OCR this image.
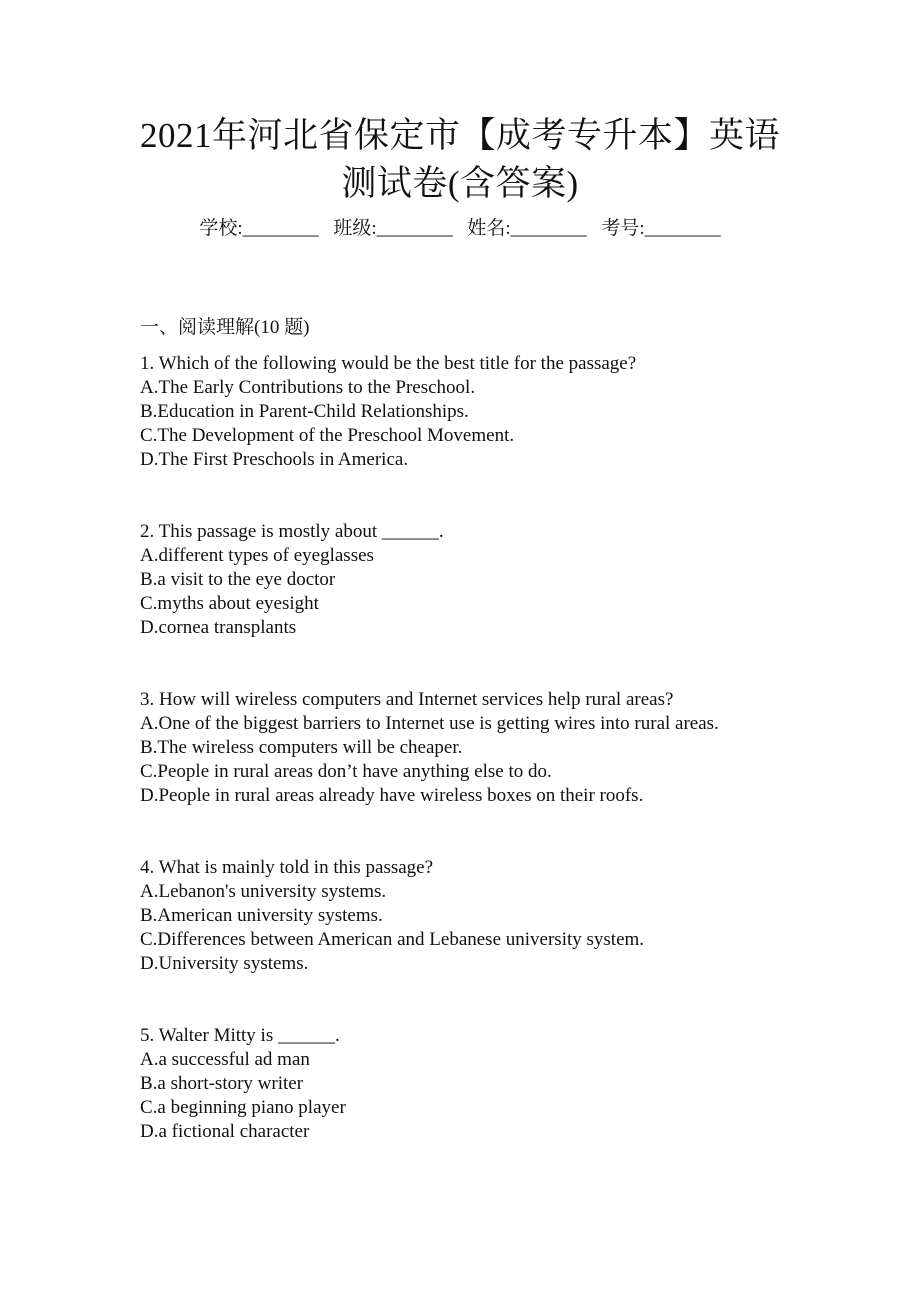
2021年河北省保定市【成考专升本】英语
测试卷(含答案)
学校:________ 班级:________ 姓名:________ 考号:________
一、阅读理解(10 题)
1. Which of the following would be the best title for the passage?
A.The Early Contributions to the Preschool.
B.Education in Parent-Child Relationships.
C.The Development of the Preschool Movement.
D.The First Preschools in America.
2. This passage is mostly about ______.
A.different types of eyeglasses
B.a visit to the eye doctor
C.myths about eyesight
D.cornea transplants
3. How will wireless computers and Internet services help rural areas?
A.One of the biggest barriers to Internet use is getting wires into rural areas.
B.The wireless computers will be cheaper.
C.People in rural areas don’t have anything else to do.
D.People in rural areas already have wireless boxes on their roofs.
4. What is mainly told in this passage?
A.Lebanon's university systems.
B.American university systems.
C.Differences between American and Lebanese university system.
D.University systems.
5. Walter Mitty is ______.
A.a successful ad man
B.a short-story writer
C.a beginning piano player
D.a fictional character
